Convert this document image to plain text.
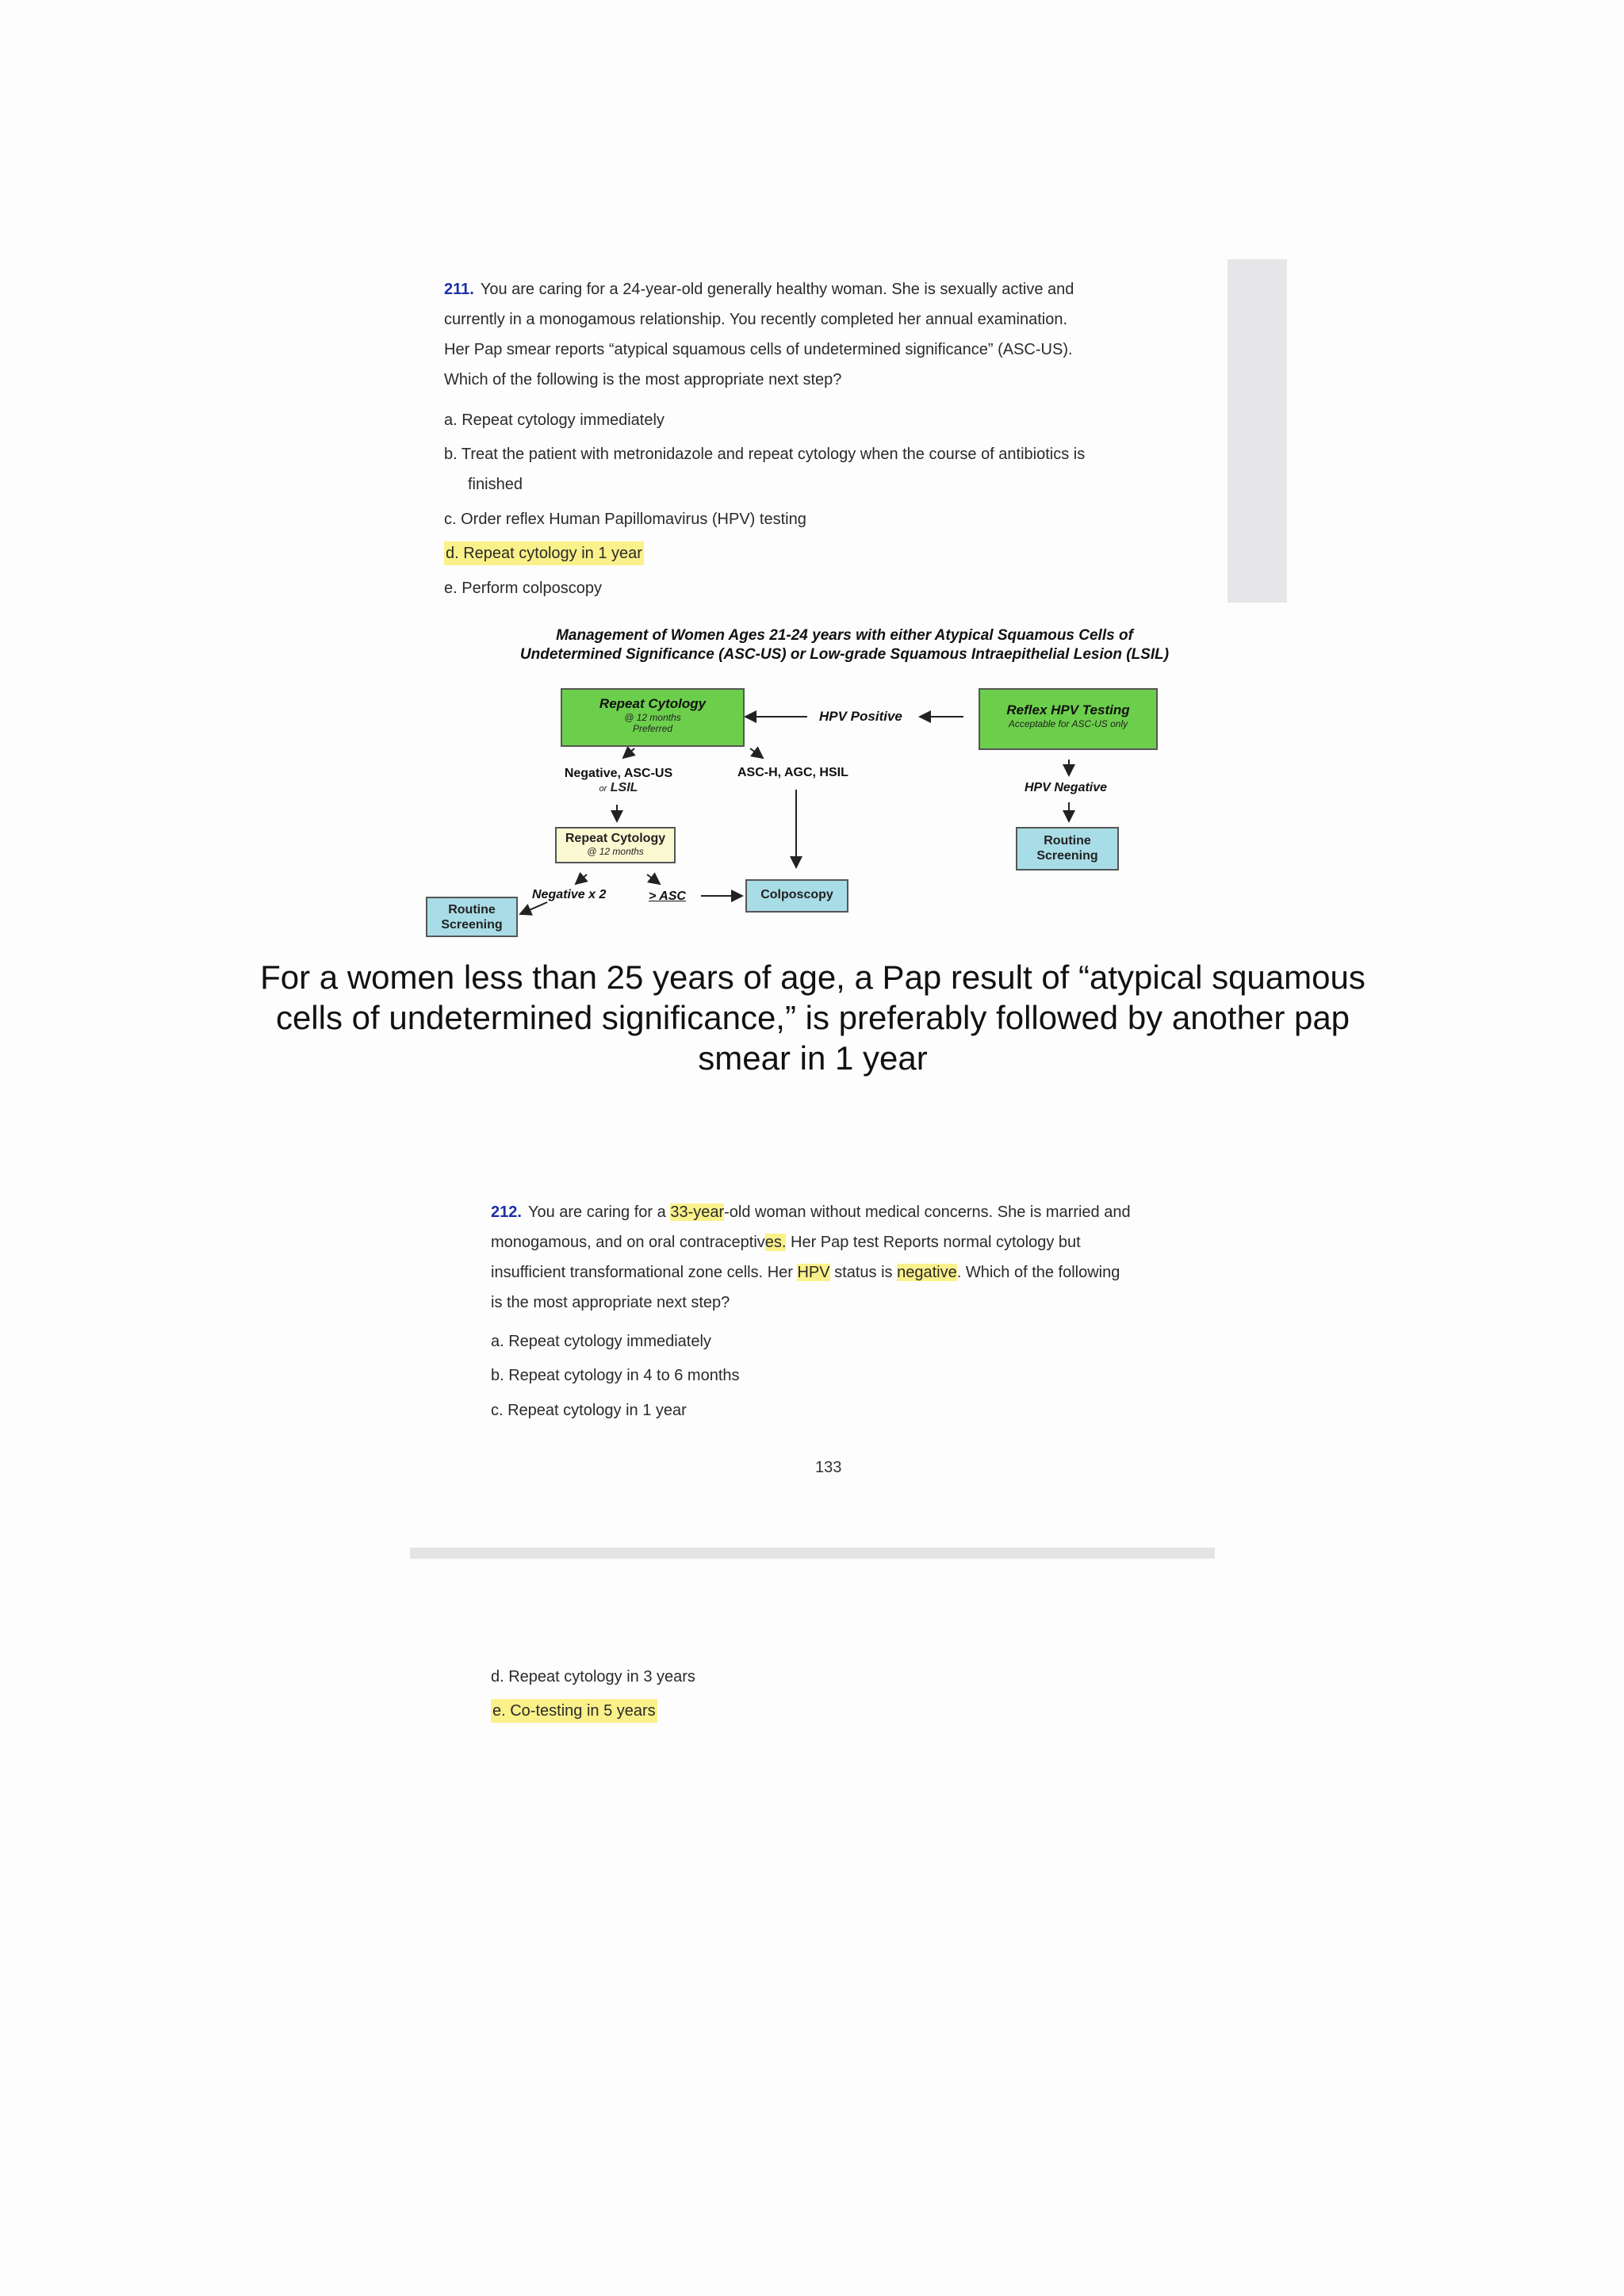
211. You are caring for a 24-year-old generally healthy woman. She is sexually active and
currently in a monogamous relationship. You recently completed her annual examination.
Her Pap smear reports “atypical squamous cells of undetermined significance” (ASC-US).
Which of the following is the most appropriate next step?
a. Repeat cytology immediately
b. Treat the patient with metronidazole and repeat cytology when the course of antibiotics is
finished
c. Order reflex Human Papillomavirus (HPV) testing
d. Repeat cytology in 1 year
e. Perform colposcopy
Management of Women Ages 21-24 years with either Atypical Squamous Cells of
Undetermined Significance (ASC-US) or Low-grade Squamous Intraepithelial Lesion (LSIL)
Repeat Cytology
@ 12 months
Preferred
HPV Positive	Reflex HPV Testing
Acceptable for ASC-US only
Negative, ASC-US
or LSIL
ASC-H, AGC, HSIL
HPV Negative
Repeat Cytology
@ 12 months
Routine
Screening
Negative x 2	> ASC	Colposcopy
Routine
Screening
For a women less than 25 years of age, a Pap result of “atypical squamous
cells of undetermined significance,” is preferably followed by another pap
smear in 1 year
212. You are caring for a 33-year-old woman without medical concerns. She is married and
monogamous, and on oral contraceptives. Her Pap test Reports normal cytology but
insufficient transformational zone cells. Her HPV status is negative. Which of the following
is the most appropriate next step?
a. Repeat cytology immediately
b. Repeat cytology in 4 to 6 months
c. Repeat cytology in 1 year
133
d. Repeat cytology in 3 years
e. Co-testing in 5 years
